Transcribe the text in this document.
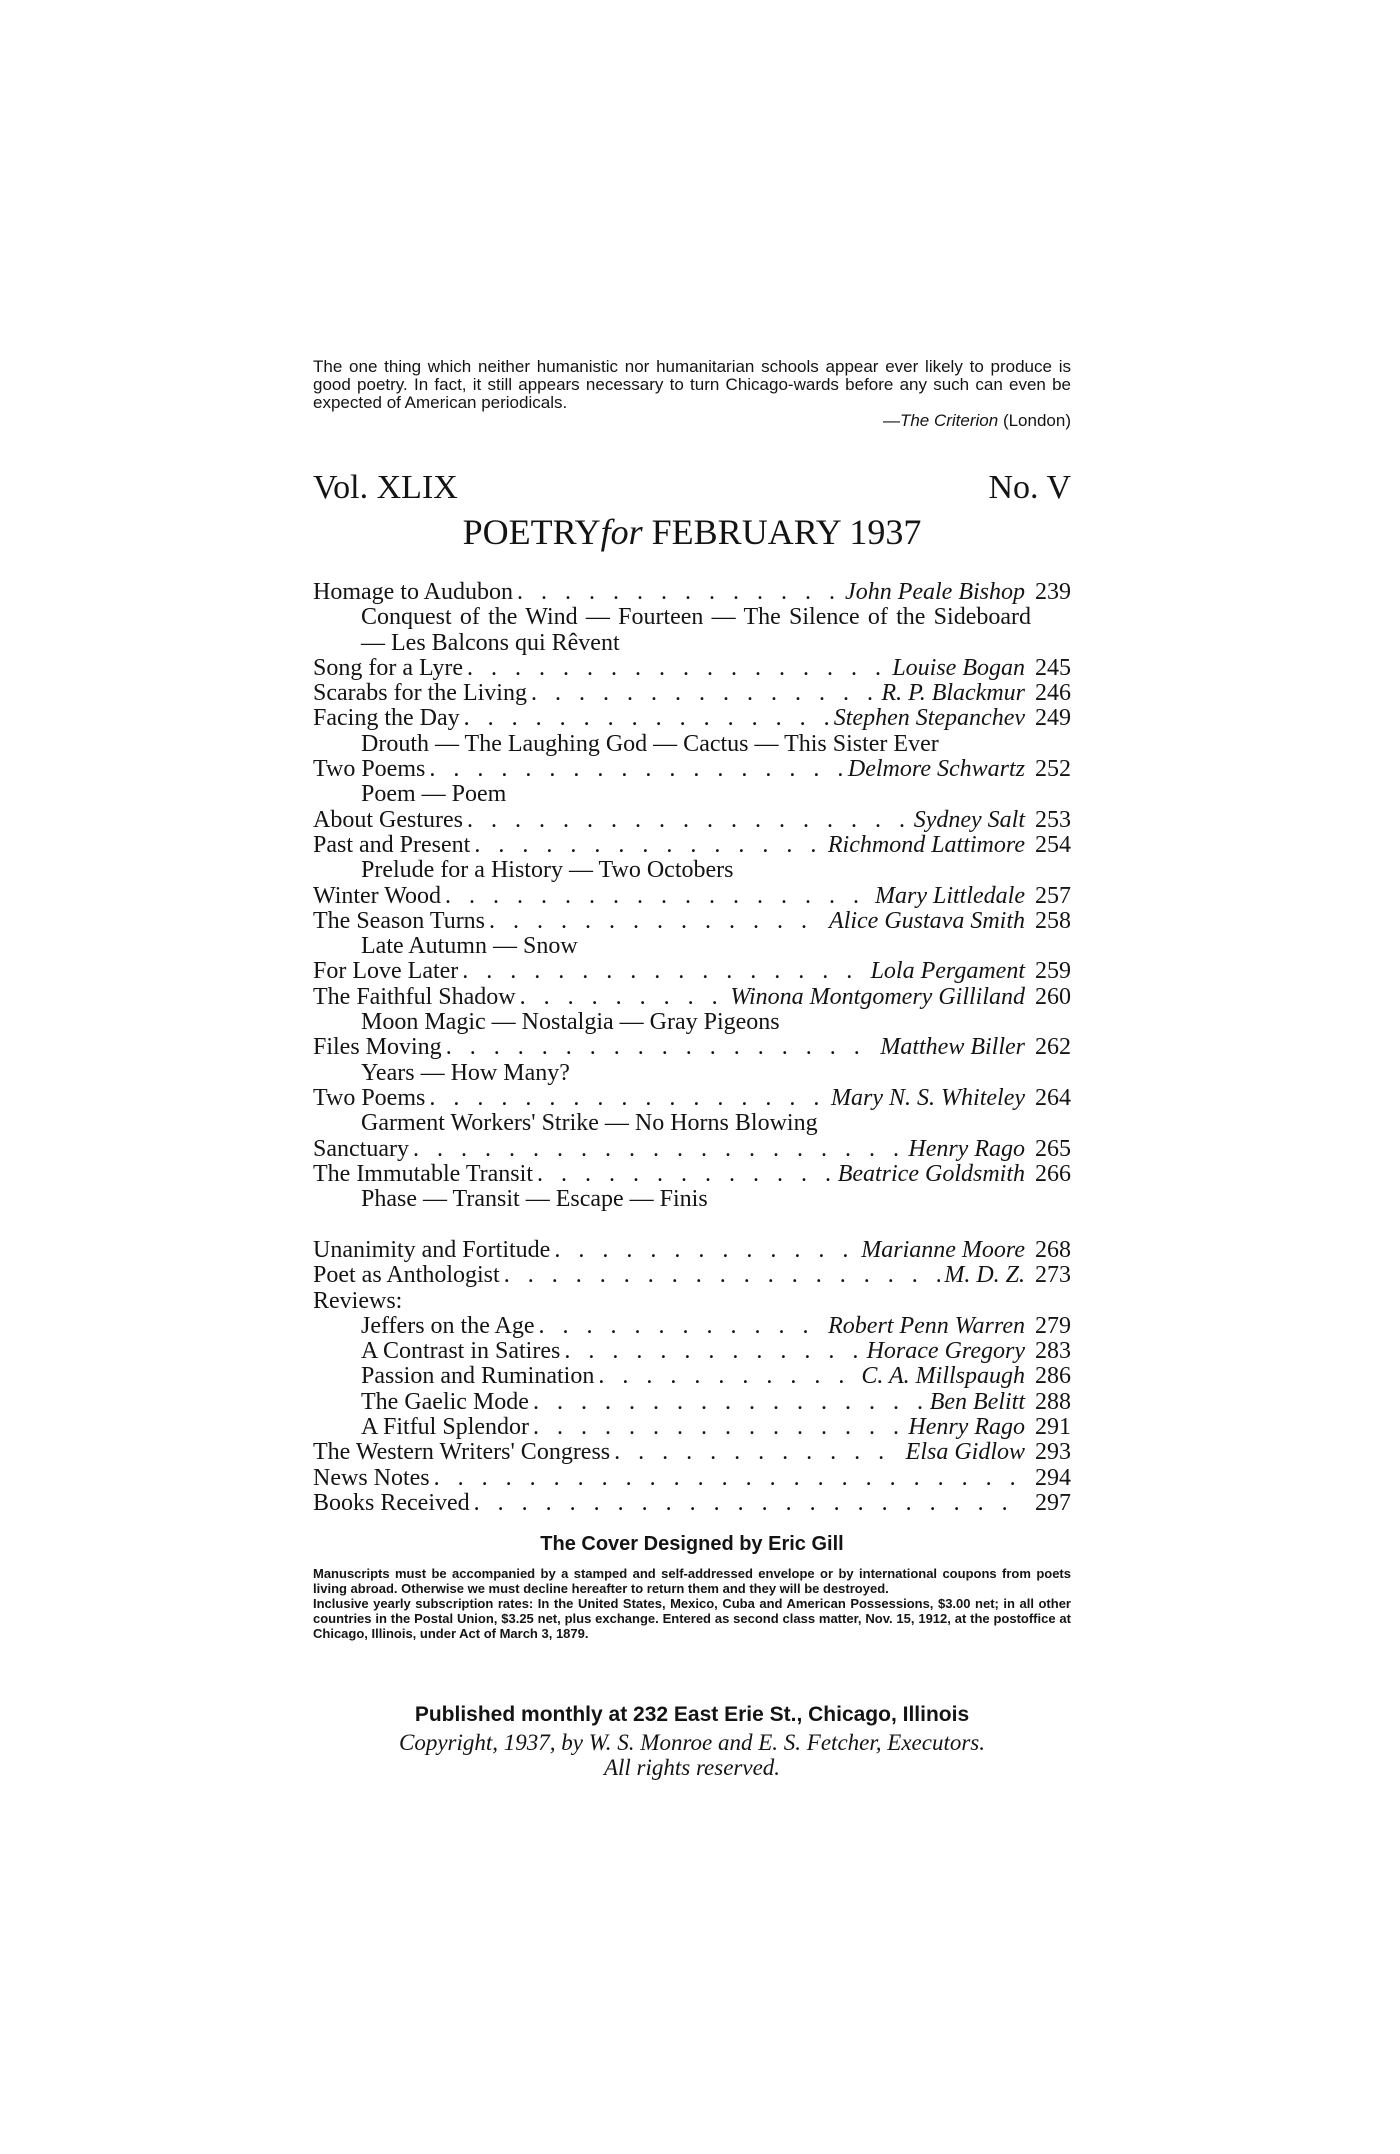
The one thing which neither humanistic nor humanitarian schools appear ever likely to produce is good poetry. In fact, it still appears necessary to turn Chicago-wards before any such can even be expected of American periodicals.

—The Criterion (London)
Vol. XLIX	No. V
POETRYfor FEBRUARY 1937
Homage to Audubon . . .	John Peale Bishop 239
Conquest of the Wind — Fourteen — The Silence of the Sideboard — Les Balcons qui Rêvent
Song for a Lyre . . .	Louise Bogan 245
Scarabs for the Living . . .	R. P. Blackmur 246
Facing the Day . . .	Stephen Stepanchev 249
Drouth — The Laughing God — Cactus — This Sister Ever
Two Poems . . .	Delmore Schwartz 252
Poem — Poem
About Gestures . . .	Sydney Salt 253
Past and Present . . .	Richmond Lattimore 254
Prelude for a History — Two Octobers
Winter Wood . . .	Mary Littledale 257
The Season Turns . . .	Alice Gustava Smith 258
Late Autumn — Snow
For Love Later . . .	Lola Pergament 259
The Faithful Shadow . . .	Winona Montgomery Gilliland 260
Moon Magic — Nostalgia — Gray Pigeons
Files Moving . . .	Matthew Biller 262
Years — How Many?
Two Poems . . .	Mary N. S. Whiteley 264
Garment Workers' Strike — No Horns Blowing
Sanctuary . . .	Henry Rago 265
The Immutable Transit . . .	Beatrice Goldsmith 266
Phase — Transit — Escape — Finis
Unanimity and Fortitude . . .	Marianne Moore 268
Poet as Anthologist . . .	M. D. Z. 273
Reviews:
Jeffers on the Age . . .	Robert Penn Warren 279
A Contrast in Satires . . .	Horace Gregory 283
Passion and Rumination . . .	C. A. Millspaugh 286
The Gaelic Mode . . .	Ben Belitt 288
A Fitful Splendor . . .	Henry Rago 291
The Western Writers' Congress . . .	Elsa Gidlow 293
News Notes . . .	294
Books Received . . .	297
The Cover Designed by Eric Gill

Manuscripts must be accompanied by a stamped and self-addressed envelope or by international coupons from poets living abroad. Otherwise we must decline hereafter to return them and they will be destroyed.

Inclusive yearly subscription rates: In the United States, Mexico, Cuba and American Possessions, $3.00 net; in all other countries in the Postal Union, $3.25 net, plus exchange. Entered as second class matter, Nov. 15, 1912, at the postoffice at Chicago, Illinois, under Act of March 3, 1879.

Published monthly at 232 East Erie St., Chicago, Illinois
Copyright, 1937, by W. S. Monroe and E. S. Fetcher, Executors.
All rights reserved.
